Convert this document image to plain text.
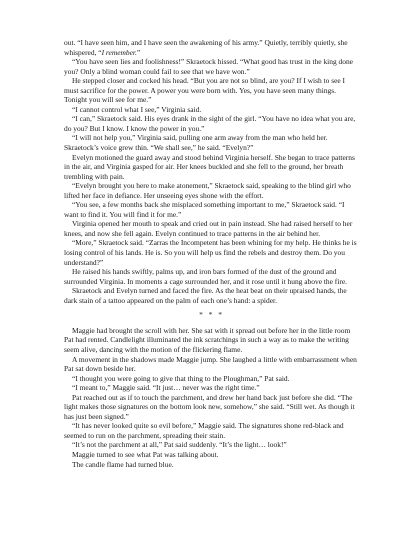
out. “I have seen him, and I have seen the awakening of his army.” Quietly, terribly quietly, she whispered, “I remember.”

“You have seen lies and foolishness!” Skraetock hissed. “What good has trust in the king done you? Only a blind woman could fail to see that we have won.”

He stepped closer and cocked his head. “But you are not so blind, are you? If I wish to see I must sacrifice for the power. A power you were born with. Yes, you have seen many things. Tonight you will see for me.”

“I cannot control what I see,” Virginia said.

“I can,” Skraetock said. His eyes drank in the sight of the girl. “You have no idea what you are, do you? But I know. I know the power in you.”

“I will not help you,” Virginia said, pulling one arm away from the man who held her. Skraetock’s voice grew thin. “We shall see,” he said. “Evelyn?”

Evelyn motioned the guard away and stood behind Virginia herself. She began to trace patterns in the air, and Virginia gasped for air. Her knees buckled and she fell to the ground, her breath trembling with pain.

“Evelyn brought you here to make atonement,” Skraetock said, speaking to the blind girl who lifted her face in defiance. Her unseeing eyes shone with the effort.

“You see, a few months back she misplaced something important to me,” Skraetock said. “I want to find it. You will find it for me.”

Virginia opened her mouth to speak and cried out in pain instead. She had raised herself to her knees, and now she fell again. Evelyn continued to trace patterns in the air behind her.

“More,” Skraetock said. “Zarras the Incompetent has been whining for my help. He thinks he is losing control of his lands. He is. So you will help us find the rebels and destroy them. Do you understand?”

He raised his hands swiftly, palms up, and iron bars formed of the dust of the ground and surrounded Virginia. In moments a cage surrounded her, and it rose until it hung above the fire.

Skraetock and Evelyn turned and faced the fire. As the heat beat on their upraised hands, the dark stain of a tattoo appeared on the palm of each one’s hand: a spider.

* * *

Maggie had brought the scroll with her. She sat with it spread out before her in the little room Pat had rented. Candlelight illuminated the ink scratchings in such a way as to make the writing seem alive, dancing with the motion of the flickering flame.

A movement in the shadows made Maggie jump. She laughed a little with embarrassment when Pat sat down beside her.

“I thought you were going to give that thing to the Ploughman,” Pat said.

“I meant to,” Maggie said. “It just… never was the right time.”

Pat reached out as if to touch the parchment, and drew her hand back just before she did. “The light makes those signatures on the bottom look new, somehow,” she said. “Still wet. As though it has just been signed.”

“It has never looked quite so evil before,” Maggie said. The signatures shone red-black and seemed to run on the parchment, spreading their stain.

“It’s not the parchment at all,” Pat said suddenly. “It’s the light… look!”

Maggie turned to see what Pat was talking about.

The candle flame had turned blue.
